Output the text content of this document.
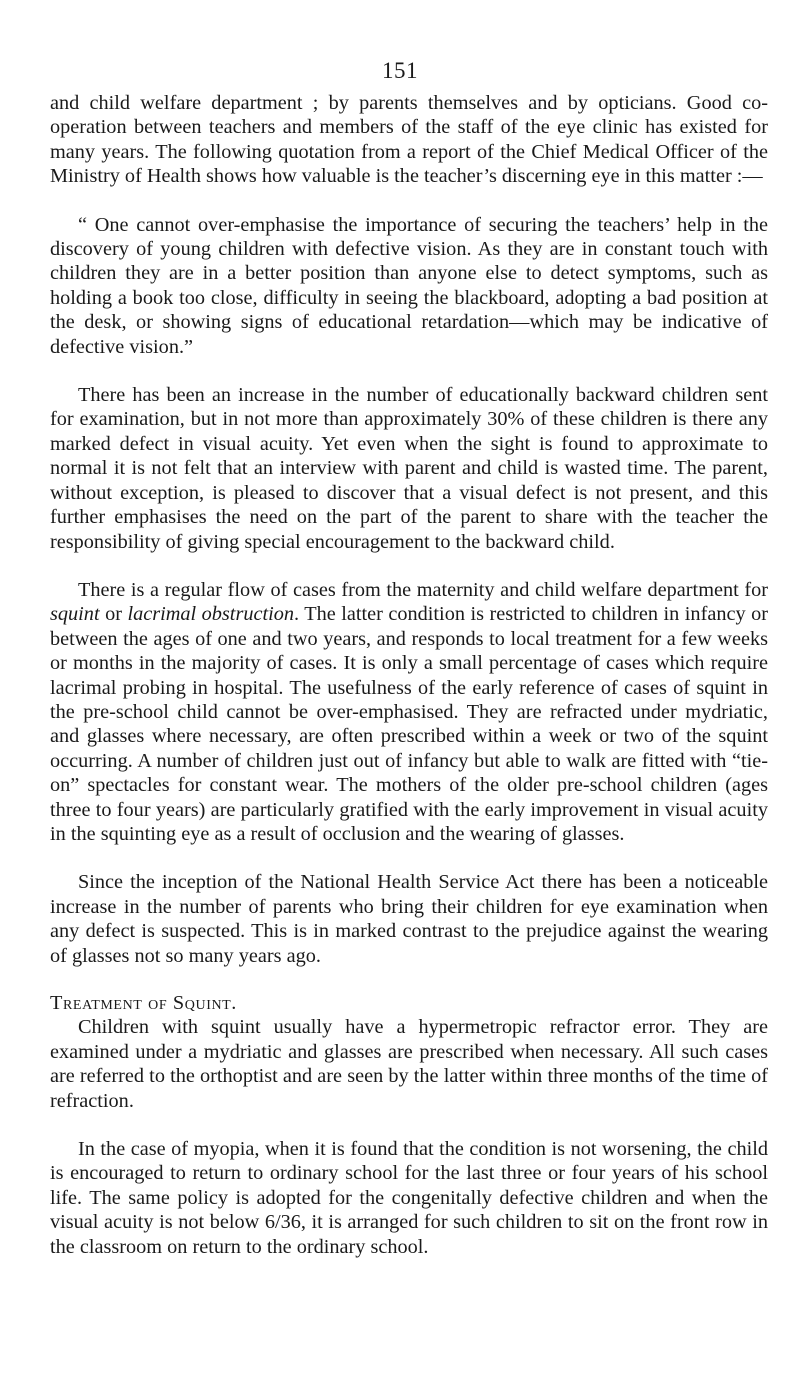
151

and child welfare department ; by parents themselves and by opticians. Good co-operation between teachers and members of the staff of the eye clinic has existed for many years. The following quotation from a report of the Chief Medical Officer of the Ministry of Health shows how valuable is the teacher’s discerning eye in this matter :—

“ One cannot over-emphasise the importance of securing the teachers’ help in the discovery of young children with defective vision. As they are in constant touch with children they are in a better position than anyone else to detect symptoms, such as holding a book too close, difficulty in seeing the blackboard, adopting a bad position at the desk, or showing signs of educational retardation—which may be indicative of defective vision.”

There has been an increase in the number of educationally backward children sent for examination, but in not more than approximately 30% of these children is there any marked defect in visual acuity. Yet even when the sight is found to approximate to normal it is not felt that an interview with parent and child is wasted time. The parent, without exception, is pleased to discover that a visual defect is not present, and this further emphasises the need on the part of the parent to share with the teacher the responsibility of giving special encouragement to the backward child.

There is a regular flow of cases from the maternity and child welfare department for squint or lacrimal obstruction. The latter condition is restricted to children in infancy or between the ages of one and two years, and responds to local treatment for a few weeks or months in the majority of cases. It is only a small percentage of cases which require lacrimal probing in hospital. The usefulness of the early reference of cases of squint in the pre-school child cannot be over-emphasised. They are refracted under mydriatic, and glasses where necessary, are often prescribed within a week or two of the squint occurring. A number of children just out of infancy but able to walk are fitted with “tie-on” spectacles for constant wear. The mothers of the older pre-school children (ages three to four years) are particularly gratified with the early improvement in visual acuity in the squinting eye as a result of occlusion and the wearing of glasses.

Since the inception of the National Health Service Act there has been a noticeable increase in the number of parents who bring their children for eye examination when any defect is suspected. This is in marked contrast to the prejudice against the wearing of glasses not so many years ago.

Treatment of Squint.

Children with squint usually have a hypermetropic refractor error. They are examined under a mydriatic and glasses are prescribed when necessary. All such cases are referred to the orthoptist and are seen by the latter within three months of the time of refraction.

In the case of myopia, when it is found that the condition is not worsening, the child is encouraged to return to ordinary school for the last three or four years of his school life. The same policy is adopted for the congenitally defective children and when the visual acuity is not below 6/36, it is arranged for such children to sit on the front row in the classroom on return to the ordinary school.
